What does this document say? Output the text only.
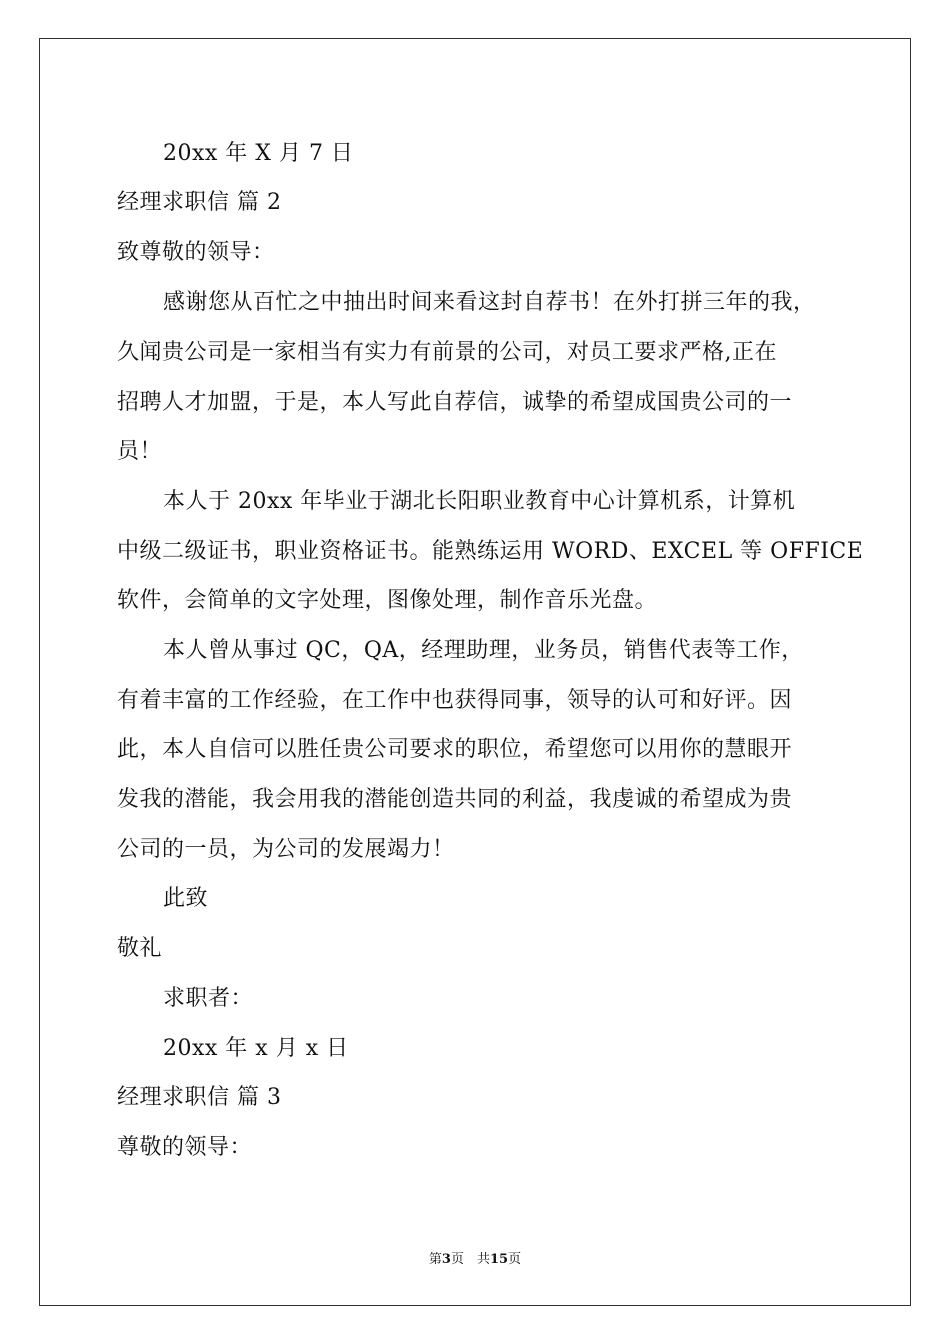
20xx 年 X 月 7 日
经理求职信 篇 2
致尊敬的领导：
感谢您从百忙之中抽出时间来看这封自荐书！在外打拼三年的我，
久闻贵公司是一家相当有实力有前景的公司，对员工要求严格,正在
招聘人才加盟，于是，本人写此自荐信，诚挚的希望成国贵公司的一
员！
本人于 20xx 年毕业于湖北长阳职业教育中心计算机系，计算机
中级二级证书，职业资格证书。能熟练运用 WORD、EXCEL 等 OFFICE
软件，会简单的文字处理，图像处理，制作音乐光盘。
本人曾从事过 QC，QA，经理助理，业务员，销售代表等工作，
有着丰富的工作经验，在工作中也获得同事，领导的认可和好评。因
此，本人自信可以胜任贵公司要求的职位，希望您可以用你的慧眼开
发我的潜能，我会用我的潜能创造共同的利益，我虔诚的希望成为贵
公司的一员，为公司的发展竭力！
此致
敬礼
求职者：
20xx 年 x 月 x 日
经理求职信 篇 3
尊敬的领导：
第3页　共15页
